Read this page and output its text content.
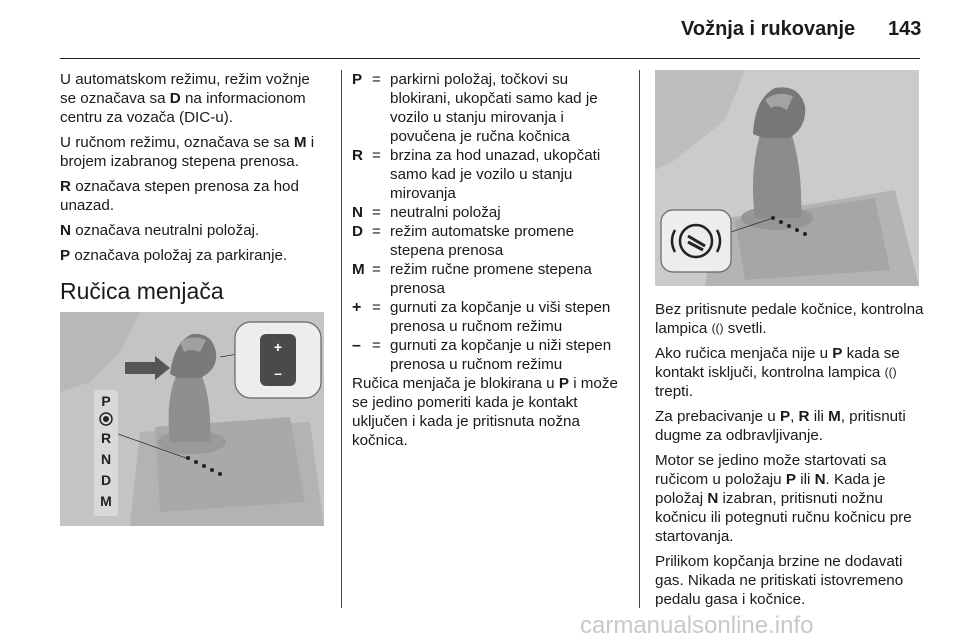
Vožnja i rukovanje 143

U automatskom režimu, režim vožnje se označava sa D na informacionom centru za vozača (DIC-u).

U ručnom režimu, označava se sa M i brojem izabranog stepena prenosa.

R označava stepen prenosa za hod unazad.

N označava neutralni položaj.

P označava položaj za parkiranje.

Ručica menjača
+
–
P
R
N
D
M
P = parkirni položaj, točkovi su blokirani, ukopčati samo kad je vozilo u stanju mirovanja i povučena je ručna kočnica
R = brzina za hod unazad, ukopčati samo kad je vozilo u stanju mirovanja
N = neutralni položaj
D = režim automatske promene stepena prenosa
M = režim ručne promene stepena prenosa
+ = gurnuti za kopčanje u viši stepen prenosa u ručnom režimu
– = gurnuti za kopčanje u niži stepen prenosa u ručnom režimu

Ručica menjača je blokirana u P i može se jedino pomeriti kada je kontakt uključen i kada je pritisnuta nožna kočnica.

Bez pritisnute pedale kočnice, kontrolna lampica (() svetli.

Ako ručica menjača nije u P kada se kontakt isključi, kontrolna lampica (() trepti.

Za prebacivanje u P, R ili M, pritisnuti dugme za odbravljivanje.

Motor se jedino može startovati sa ručicom u položaju P ili N. Kada je položaj N izabran, pritisnuti nožnu kočnicu ili potegnuti ručnu kočnicu pre startovanja.

Prilikom kopčanja brzine ne dodavati gas. Nikada ne pritiskati istovremeno pedalu gasa i kočnice.

carmanualsonline.info
